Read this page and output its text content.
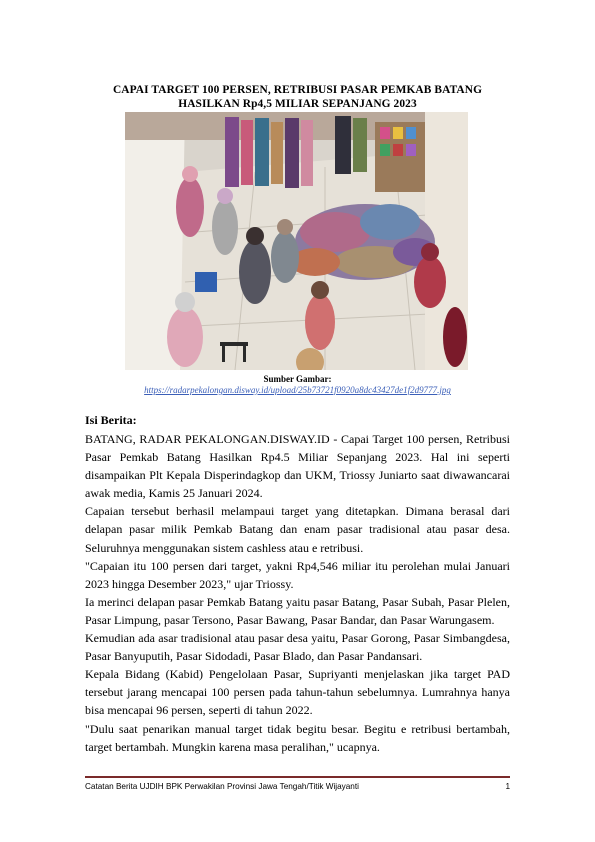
CAPAI TARGET 100 PERSEN, RETRIBUSI PASAR PEMKAB BATANG
HASILKAN Rp4,5 MILIAR SEPANJANG 2023
Sumber Gambar:
https://radarpekalongan.disway.id/upload/25b73721f0920a8dc43427de1f2d9777.jpg
Isi Berita:

BATANG, RADAR PEKALONGAN.DISWAY.ID - Capai Target 100 persen, Retribusi Pasar Pemkab Batang Hasilkan Rp4.5 Miliar Sepanjang 2023. Hal ini seperti disampaikan Plt Kepala Disperindagkop dan UKM, Triossy Juniarto saat diwawancarai awak media, Kamis 25 Januari 2024.

Capaian tersebut berhasil melampaui target yang ditetapkan. Dimana berasal dari delapan pasar milik Pemkab Batang dan enam pasar tradisional atau pasar desa. Seluruhnya menggunakan sistem cashless atau e retribusi.

"Capaian itu 100 persen dari target, yakni Rp4,546 miliar itu perolehan mulai Januari 2023 hingga Desember 2023," ujar Triossy.

Ia merinci delapan pasar Pemkab Batang yaitu pasar Batang, Pasar Subah, Pasar Plelen, Pasar Limpung, pasar Tersono, Pasar Bawang, Pasar Bandar, dan Pasar Warungasem.

Kemudian ada asar tradisional atau pasar desa yaitu, Pasar Gorong, Pasar Simbangdesa, Pasar Banyuputih, Pasar Sidodadi, Pasar Blado, dan Pasar Pandansari.

Kepala Bidang (Kabid) Pengelolaan Pasar, Supriyanti menjelaskan jika target PAD tersebut jarang mencapai 100 persen pada tahun-tahun sebelumnya. Lumrahnya hanya bisa mencapai 96 persen, seperti di tahun 2022.

"Dulu saat penarikan manual target tidak begitu besar. Begitu e retribusi bertambah, target bertambah. Mungkin karena masa peralihan," ucapnya.

Catatan Berita UJDIH BPK Perwakilan Provinsi Jawa Tengah/Titik Wijayanti	1
